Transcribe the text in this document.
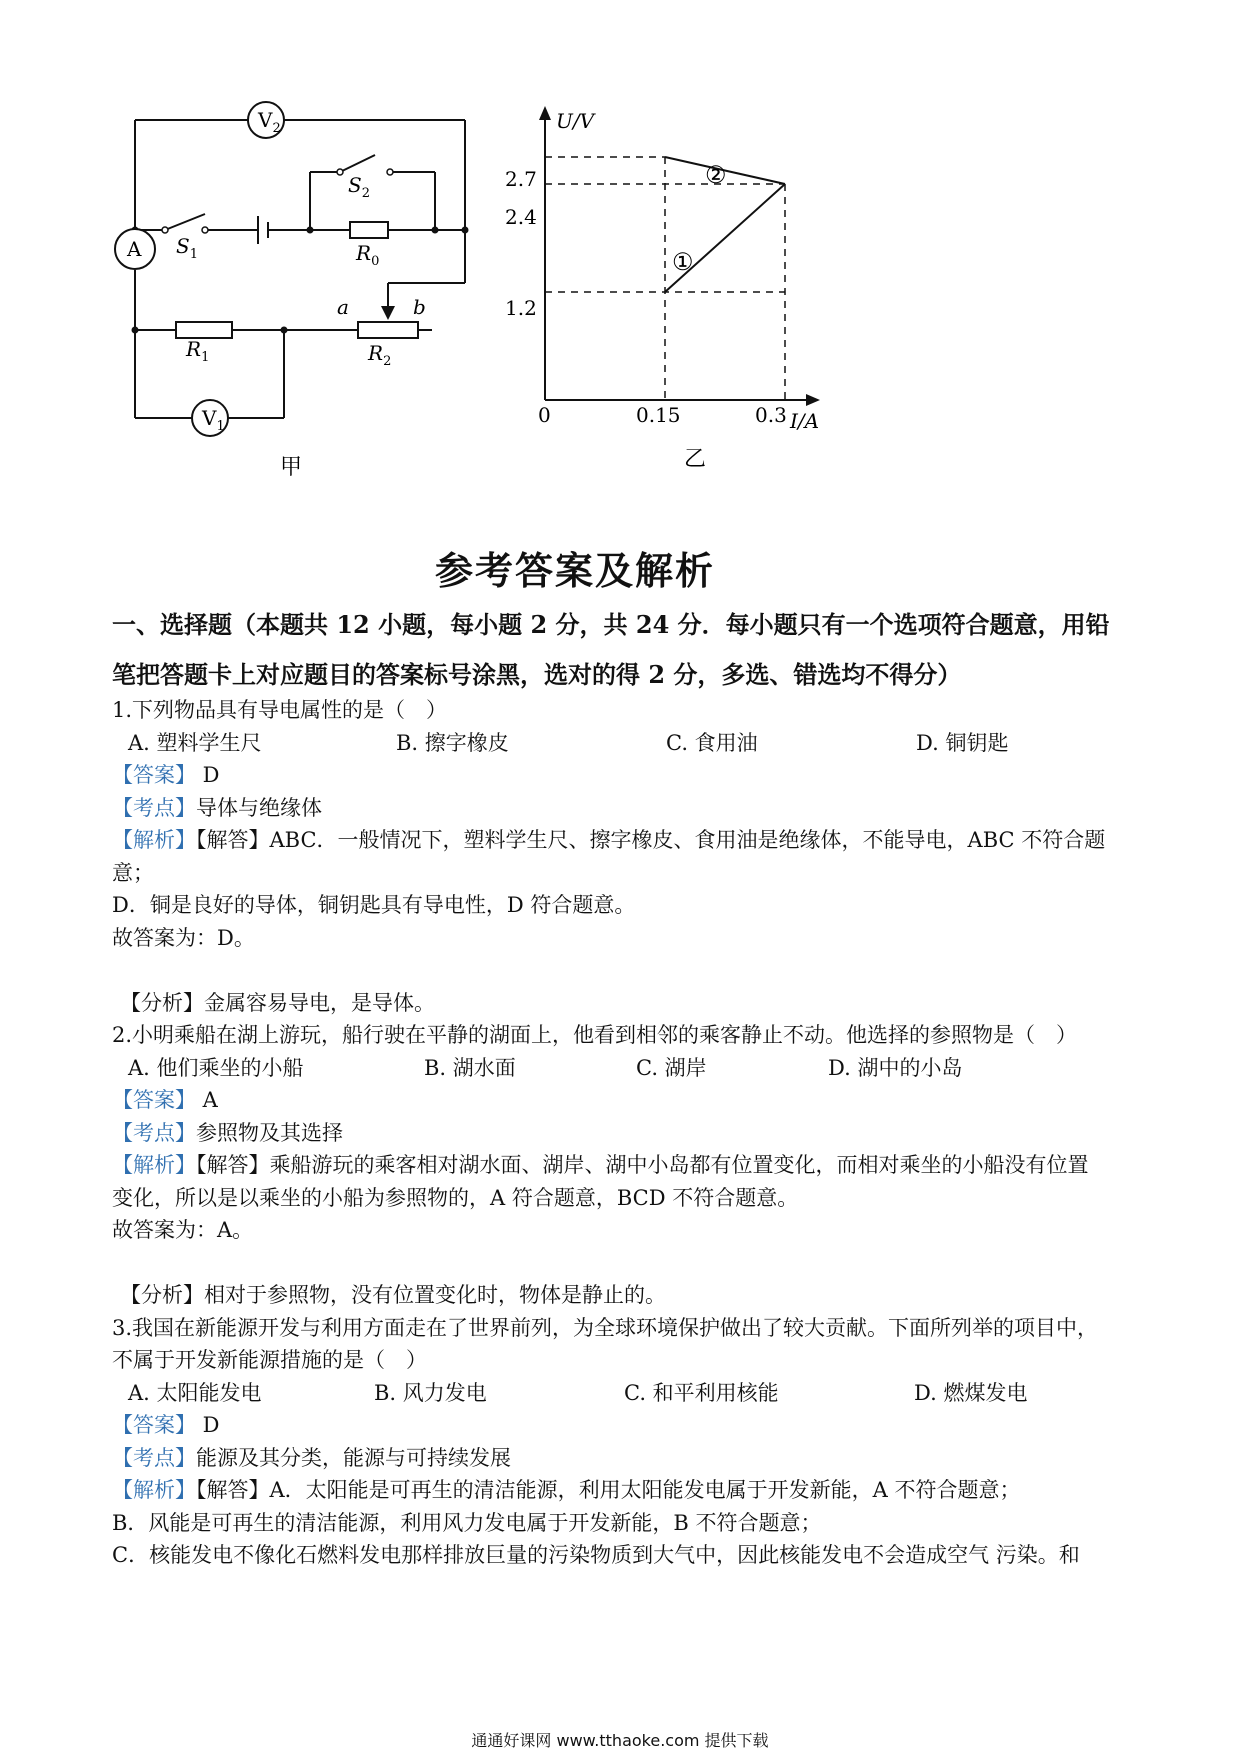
$V_2$
A
$V_1$
$S_1$
$S_2$
$R_0$
$R_1$	$R_2$
a	b
甲
2.7
2.4
1.2
0	0.15	0.3
U/V
I/A
①
②
乙
参考答案及解析
一、选择题（本题共 12 小题，每小题 2 分，共 24 分．每小题只有一个选项符合题意，用铅
笔把答题卡上对应题目的答案标号涂黑，选对的得 2 分，多选、错选均不得分）
1.下列物品具有导电属性的是（　）
A. 塑料学生尺	B. 擦字橡皮	C. 食用油	D. 铜钥匙
【答案】 D
【考点】导体与绝缘体
【解析】【解答】ABC．一般情况下，塑料学生尺、擦字橡皮、食用油是绝缘体，不能导电，ABC 不符合题
意；
D．铜是良好的导体，铜钥匙具有导电性，D 符合题意。
故答案为：D。
【分析】金属容易导电，是导体。
2.小明乘船在湖上游玩，船行驶在平静的湖面上，他看到相邻的乘客静止不动。他选择的参照物是（　）
A. 他们乘坐的小船	B. 湖水面	C. 湖岸	D. 湖中的小岛
【答案】 A
【考点】参照物及其选择
【解析】【解答】乘船游玩的乘客相对湖水面、湖岸、湖中小岛都有位置变化，而相对乘坐的小船没有位置
变化，所以是以乘坐的小船为参照物的，A 符合题意，BCD 不符合题意。
故答案为：A。
【分析】相对于参照物，没有位置变化时，物体是静止的。
3.我国在新能源开发与利用方面走在了世界前列，为全球环境保护做出了较大贡献。下面所列举的项目中，
不属于开发新能源措施的是（　）
A. 太阳能发电	B. 风力发电	C. 和平利用核能	D. 燃煤发电
【答案】 D
【考点】能源及其分类，能源与可持续发展
【解析】【解答】A．太阳能是可再生的清洁能源，利用太阳能发电属于开发新能，A 不符合题意；
B．风能是可再生的清洁能源，利用风力发电属于开发新能，B 不符合题意；
C．核能发电不像化石燃料发电那样排放巨量的污染物质到大气中，因此核能发电不会造成空气 污染。和
通通好课网 www.tthaoke.com 提供下载
